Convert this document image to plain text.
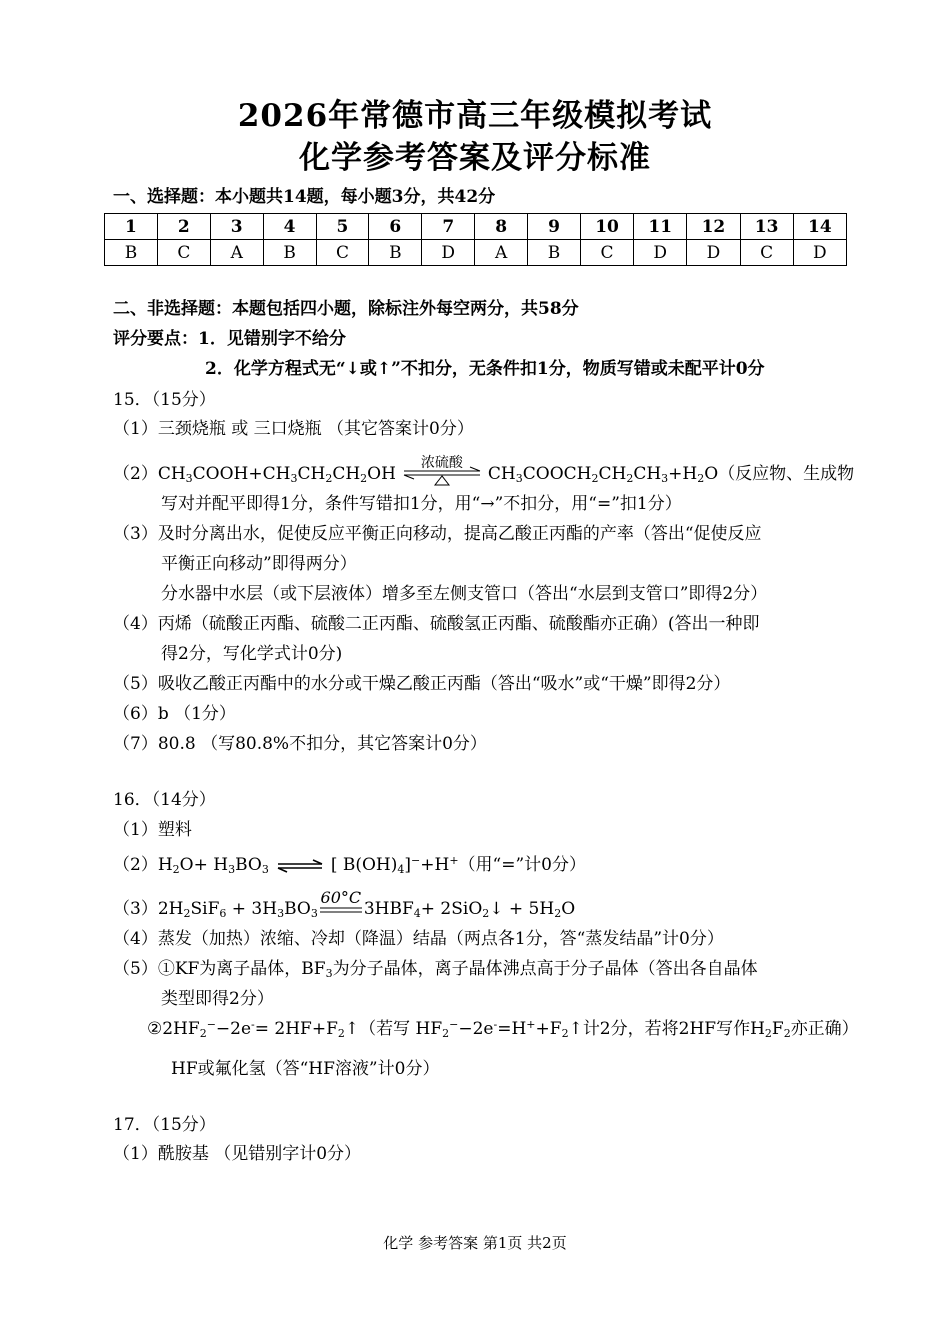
2026年常德市高三年级模拟考试
化学参考答案及评分标准
一、选择题：本小题共14题，每小题3分，共42分
1	2	3	4	5	6	7	8	9	10	11	12	13	14
B	C	A	B	C	B	D	A	B	C	D	D	C	D
二、非选择题：本题包括四小题，除标注外每空两分，共58分
评分要点：1．见错别字不给分
2．化学方程式无“↓或↑”不扣分，无条件扣1分，物质写错或未配平计0分
15．（15分）
（1）三颈烧瓶 或 三口烧瓶 （其它答案计0分）
$(2)CH_3COOH+CH_3CH_2CH_2OH$
浓硫酸
$CH_3COOCH_2CH_2CH_3+H_2O$（反应物、生成物
写对并配平即得1分，条件写错扣1分，用“→”不扣分，用“=”扣1分）
（3）及时分离出水，促使反应平衡正向移动，提高乙酸正丙酯的产率（答出“促使反应
平衡正向移动”即得两分）
分水器中水层（或下层液体）增多至左侧支管口（答出“水层到支管口”即得2分）
（4）丙烯（硫酸正丙酯、硫酸二正丙酯、硫酸氢正丙酯、硫酸酯亦正确）(答出一种即
得2分，写化学式计0分)
（5）吸收乙酸正丙酯中的水分或干燥乙酸正丙酯（答出“吸水”或“干燥”即得2分）
（6）b （1分）
（7）80.8 （写80.8%不扣分，其它答案计0分）
16．（14分）
（1）塑料
$(2)H_2O+ H_3BO_3$ ⇌ [ $B(OH)_4]^-+H^+$（用“=”计0分）
$(3)2H_2SiF_6 + 3H_3BO_3$
60°C
$3HBF_4+$ 2SiO$_2$↓ + $5H_2O$
（4）蒸发（加热）浓缩、冷却（降温）结晶（两点各1分，答“蒸发结晶”计0分）
（5）①KF为离子晶体，$BF_3$为分子晶体，离子晶体沸点高于分子晶体（答出各自晶体
类型即得2分）
$②2HF_2^--2e^-=$ $2HF+F_2↑$（若写 $HF_2^--2e^-=H^++F_2↑$计2分，若将2HF写作$H_2F_2$亦正确）
HF或氟化氢（答“HF溶液”计0分）
17．（15分）
（1）酰胺基 （见错别字计0分）
化学 参考答案 第1页 共2页
